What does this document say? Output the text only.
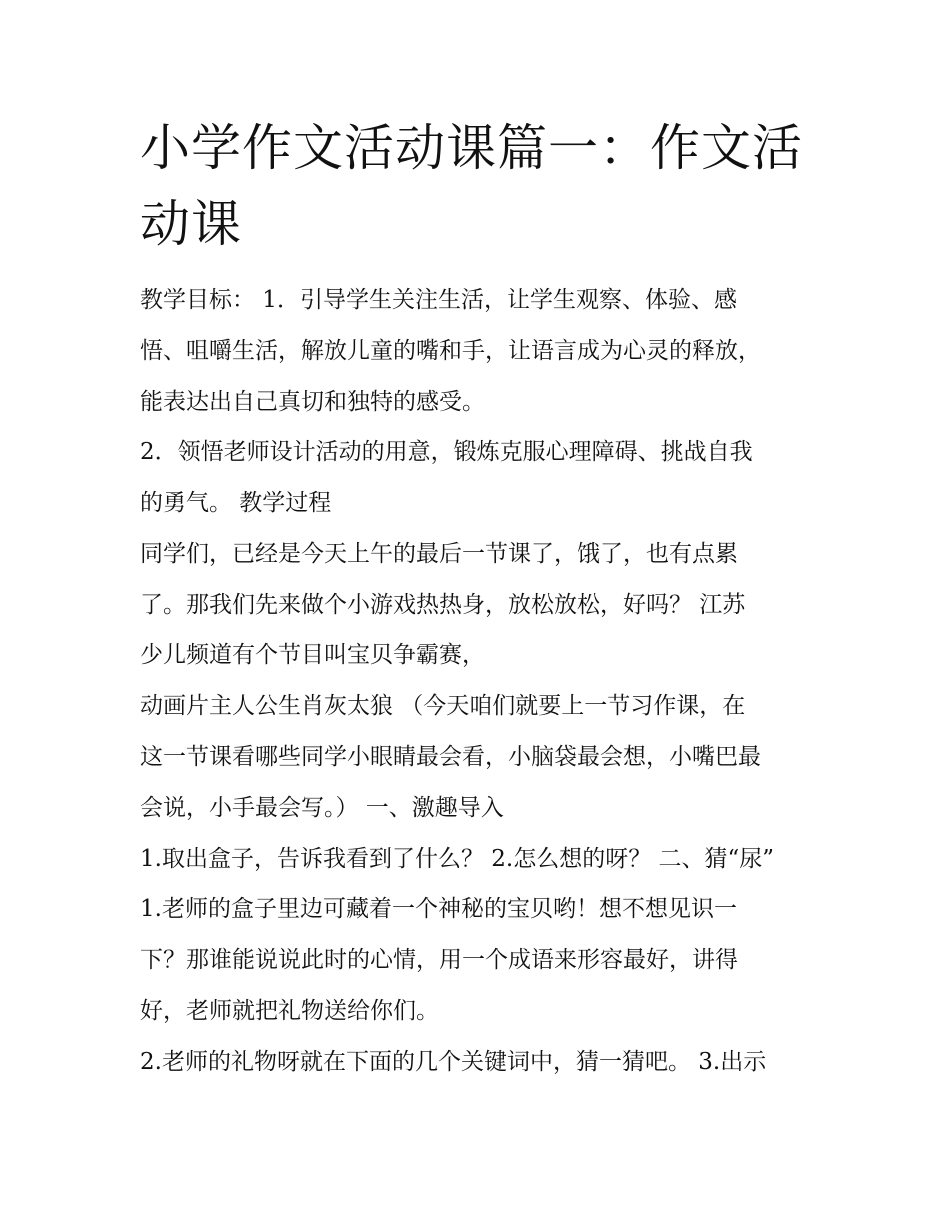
小学作文活动课篇一：作文活
动课
教学目标： 1．引导学生关注生活，让学生观察、体验、感
悟、咀嚼生活，解放儿童的嘴和手，让语言成为心灵的释放，
能表达出自己真切和独特的感受。
2．领悟老师设计活动的用意，锻炼克服心理障碍、挑战自我
的勇气。 教学过程
同学们，已经是今天上午的最后一节课了，饿了，也有点累
了。那我们先来做个小游戏热热身，放松放松，好吗？ 江苏
少儿频道有个节目叫宝贝争霸赛，
动画片主人公生肖灰太狼 （今天咱们就要上一节习作课，在
这一节课看哪些同学小眼睛最会看，小脑袋最会想，小嘴巴最
会说，小手最会写。） 一、激趣导入
1.取出盒子，告诉我看到了什么？ 2.怎么想的呀？ 二、猜“尿”
1.老师的盒子里边可藏着一个神秘的宝贝哟！想不想见识一
下？那谁能说说此时的心情，用一个成语来形容最好，讲得
好，老师就把礼物送给你们。
2.老师的礼物呀就在下面的几个关键词中，猜一猜吧。 3.出示
